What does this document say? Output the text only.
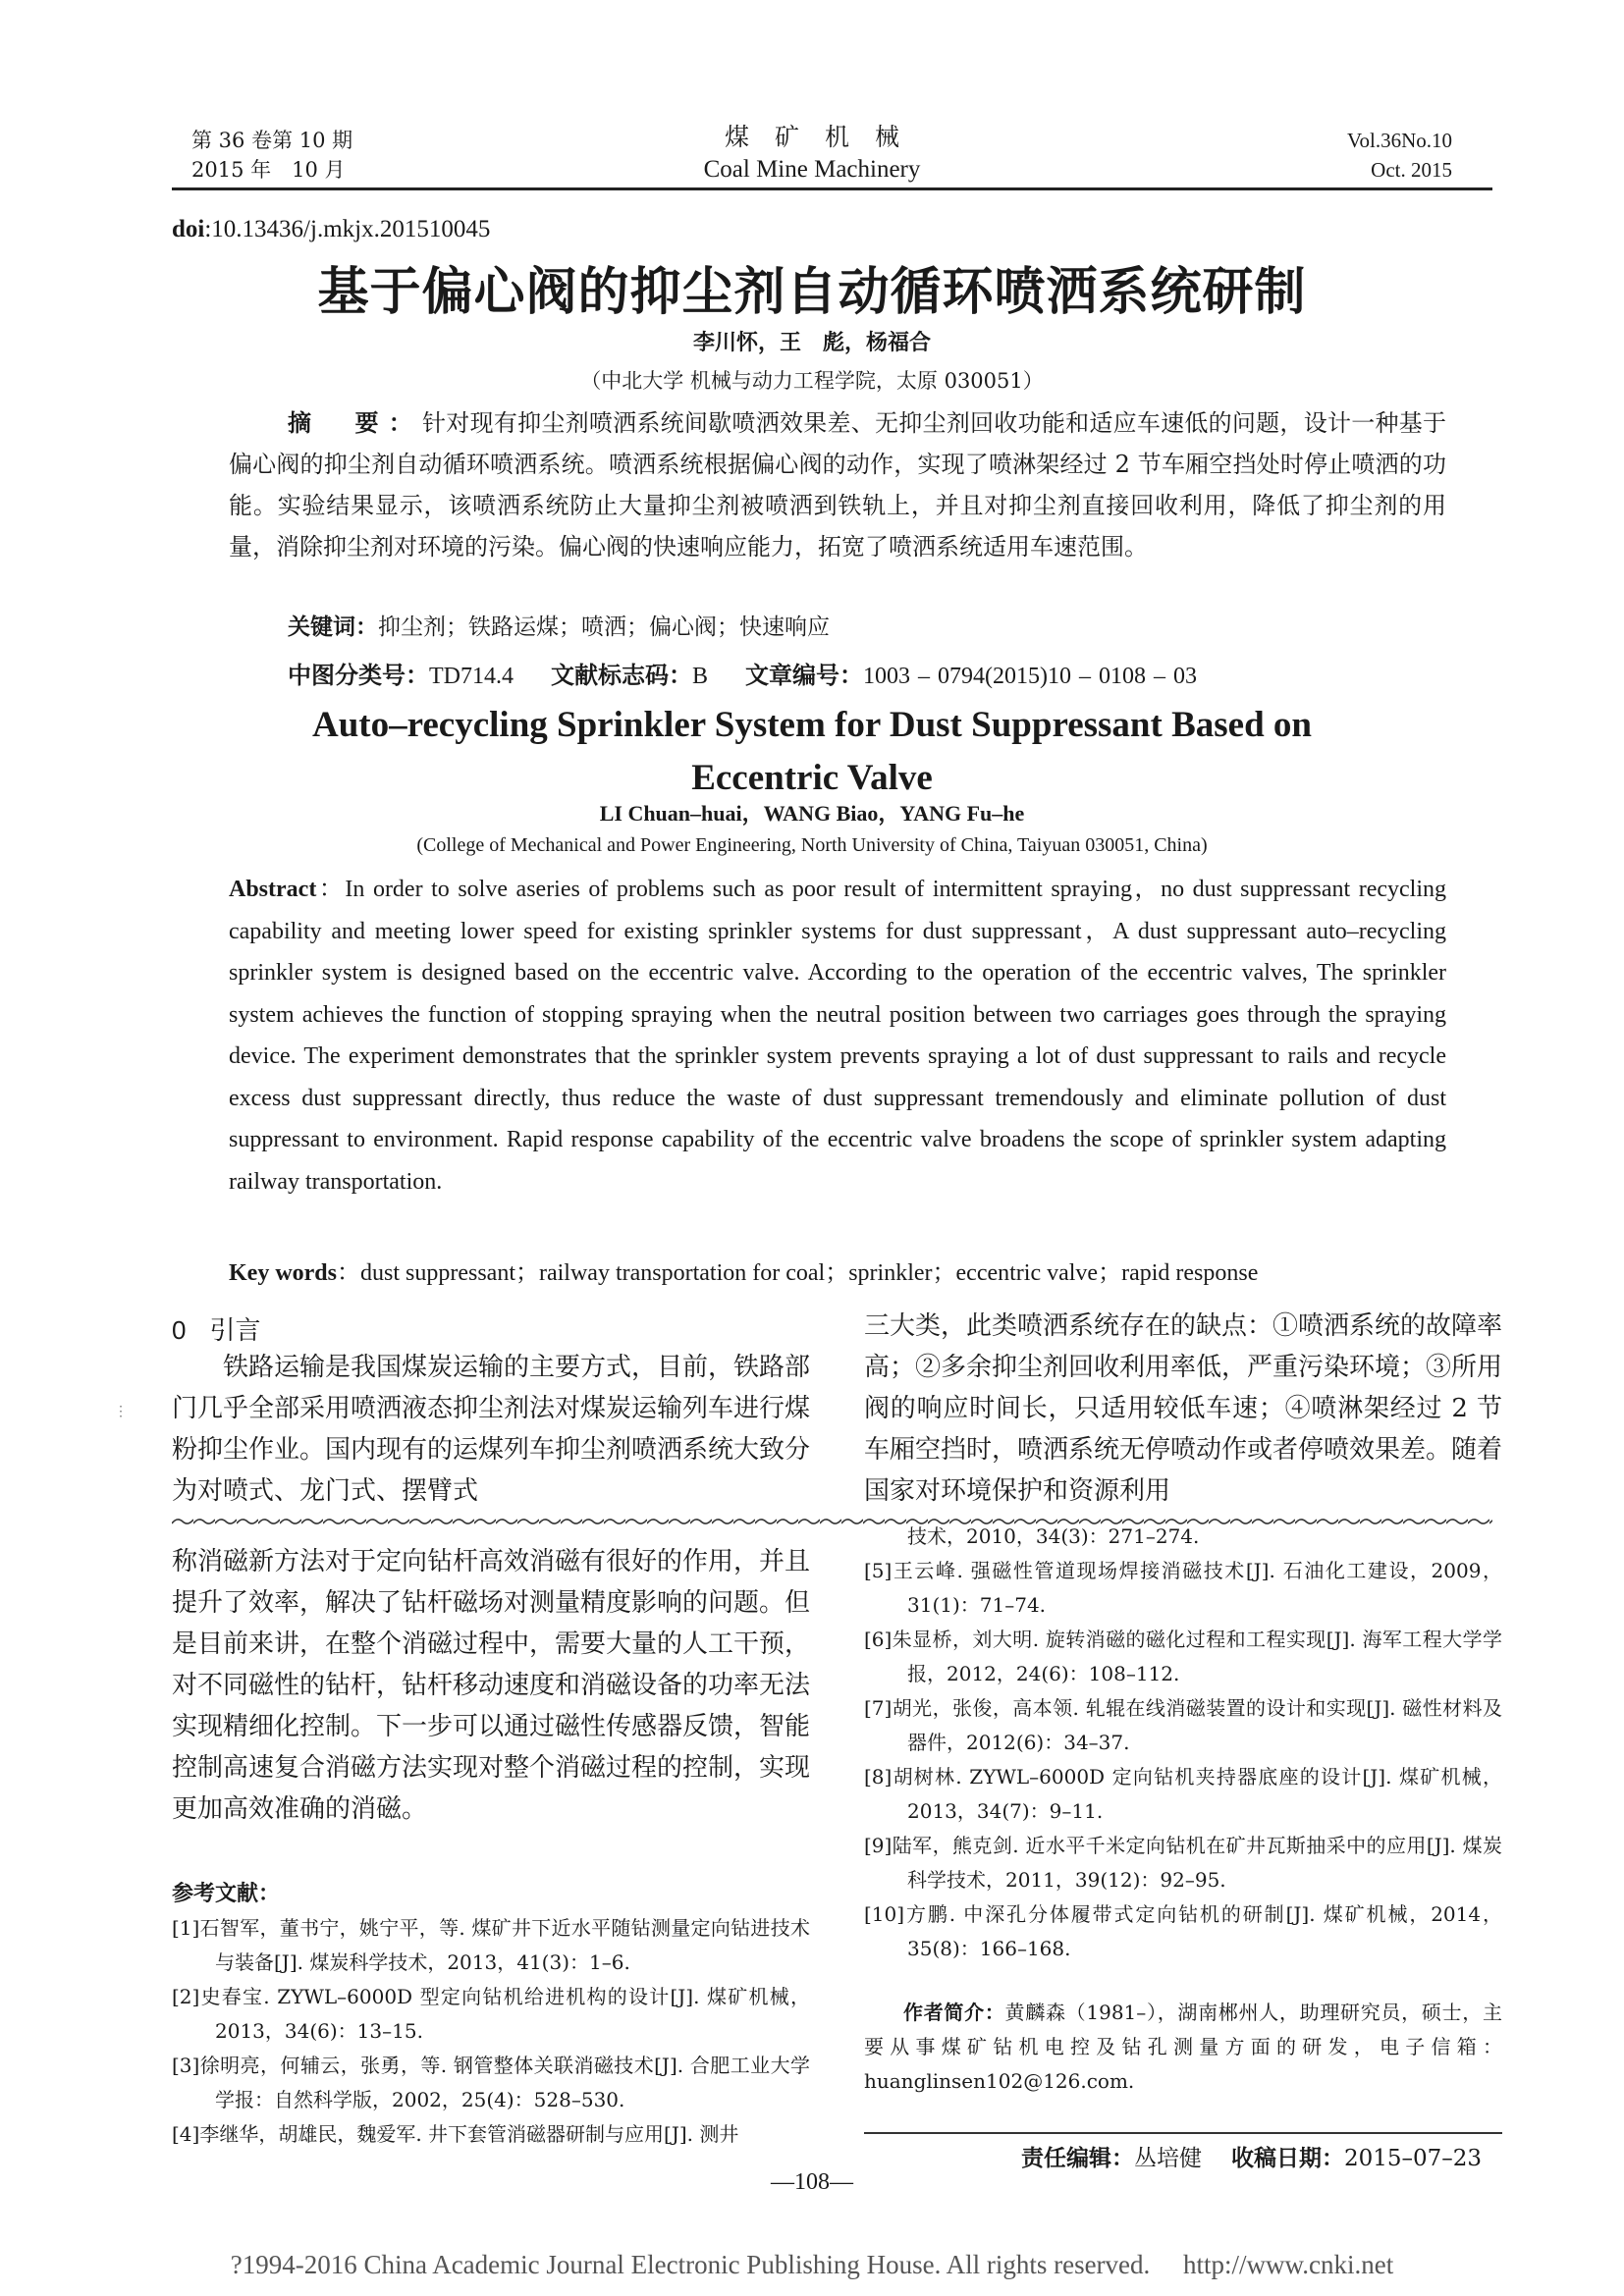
第 36 卷第 10 期
2015 年　10 月
煤矿机械
Coal Mine Machinery
Vol.36No.10
Oct. 2015
doi:10.13436/j.mkjx.201510045
基于偏心阀的抑尘剂自动循环喷洒系统研制
李川怀，王　彪，杨福合
（中北大学 机械与动力工程学院，太原 030051）
摘　要：针对现有抑尘剂喷洒系统间歇喷洒效果差、无抑尘剂回收功能和适应车速低的问题，设计一种基于偏心阀的抑尘剂自动循环喷洒系统。喷洒系统根据偏心阀的动作，实现了喷淋架经过 2 节车厢空挡处时停止喷洒的功能。实验结果显示，该喷洒系统防止大量抑尘剂被喷洒到铁轨上，并且对抑尘剂直接回收利用，降低了抑尘剂的用量，消除抑尘剂对环境的污染。偏心阀的快速响应能力，拓宽了喷洒系统适用车速范围。
关键词：抑尘剂；铁路运煤；喷洒；偏心阀；快速响应
中图分类号：TD714.4 文献标志码：B 文章编号：1003 – 0794(2015)10 – 0108 – 03
Auto–recycling Sprinkler System for Dust Suppressant Based on
Eccentric Valve
LI Chuan–huai，WANG Biao，YANG Fu–he
(College of Mechanical and Power Engineering, North University of China, Taiyuan 030051, China)
Abstract：In order to solve aseries of problems such as poor result of intermittent spraying，no dust suppressant recycling capability and meeting lower speed for existing sprinkler systems for dust suppressant，A dust suppressant auto–recycling sprinkler system is designed based on the eccentric valve. According to the operation of the eccentric valves, The sprinkler system achieves the function of stopping spraying when the neutral position between two carriages goes through the spraying device. The experiment demonstrates that the sprinkler system prevents spraying a lot of dust suppressant to rails and recycle excess dust suppressant directly, thus reduce the waste of dust suppressant tremendously and eliminate pollution of dust suppressant to environment. Rapid response capability of the eccentric valve broadens the scope of sprinkler system adapting railway transportation.
Key words：dust suppressant；railway transportation for coal；sprinkler；eccentric valve；rapid response
⋮
0 引言
铁路运输是我国煤炭运输的主要方式，目前，铁路部门几乎全部采用喷洒液态抑尘剂法对煤炭运输列车进行煤粉抑尘作业。国内现有的运煤列车抑尘剂喷洒系统大致分为对喷式、龙门式、摆臂式
三大类，此类喷洒系统存在的缺点：①喷洒系统的故障率高；②多余抑尘剂回收利用率低，严重污染环境；③所用阀的响应时间长，只适用较低车速；④喷淋架经过 2 节车厢空挡时，喷洒系统无停喷动作或者停喷效果差。随着国家对环境保护和资源利用
称消磁新方法对于定向钻杆高效消磁有很好的作用，并且提升了效率，解决了钻杆磁场对测量精度影响的问题。但是目前来讲，在整个消磁过程中，需要大量的人工干预，对不同磁性的钻杆，钻杆移动速度和消磁设备的功率无法实现精细化控制。下一步可以通过磁性传感器反馈，智能控制高速复合消磁方法实现对整个消磁过程的控制，实现更加高效准确的消磁。
参考文献：
[1]石智军，董书宁，姚宁平，等. 煤矿井下近水平随钻测量定向钻进技术与装备[J]. 煤炭科学技术，2013，41(3)：1–6.
[2]史春宝. ZYWL–6000D 型定向钻机给进机构的设计[J]. 煤矿机械，2013，34(6)：13–15.
[3]徐明亮，何辅云，张勇，等. 钢管整体关联消磁技术[J]. 合肥工业大学学报：自然科学版，2002，25(4)：528–530.
[4]李继华，胡雄民，魏爱军. 井下套管消磁器研制与应用[J]. 测井
技术，2010，34(3)：271–274.
[5]王云峰. 强磁性管道现场焊接消磁技术[J]. 石油化工建设，2009，31(1)：71–74.
[6]朱显桥，刘大明. 旋转消磁的磁化过程和工程实现[J]. 海军工程大学学报，2012，24(6)：108–112.
[7]胡光，张俊，高本领. 轧辊在线消磁装置的设计和实现[J]. 磁性材料及器件，2012(6)：34–37.
[8]胡树林. ZYWL–6000D 定向钻机夹持器底座的设计[J]. 煤矿机械，2013，34(7)：9–11.
[9]陆军，熊克剑. 近水平千米定向钻机在矿井瓦斯抽采中的应用[J]. 煤炭科学技术，2011，39(12)：92–95.
[10]方鹏. 中深孔分体履带式定向钻机的研制[J]. 煤矿机械，2014，35(8)：166–168.
作者简介：黄麟森（1981–），湖南郴州人，助理研究员，硕士，主要从事煤矿钻机电控及钻孔测量方面的研发，电子信箱：huanglinsen102@126.com.
责任编辑：丛培健 收稿日期：2015–07–23
—108—
?1994-2016 China Academic Journal Electronic Publishing House. All rights reserved.　 http://www.cnki.net
